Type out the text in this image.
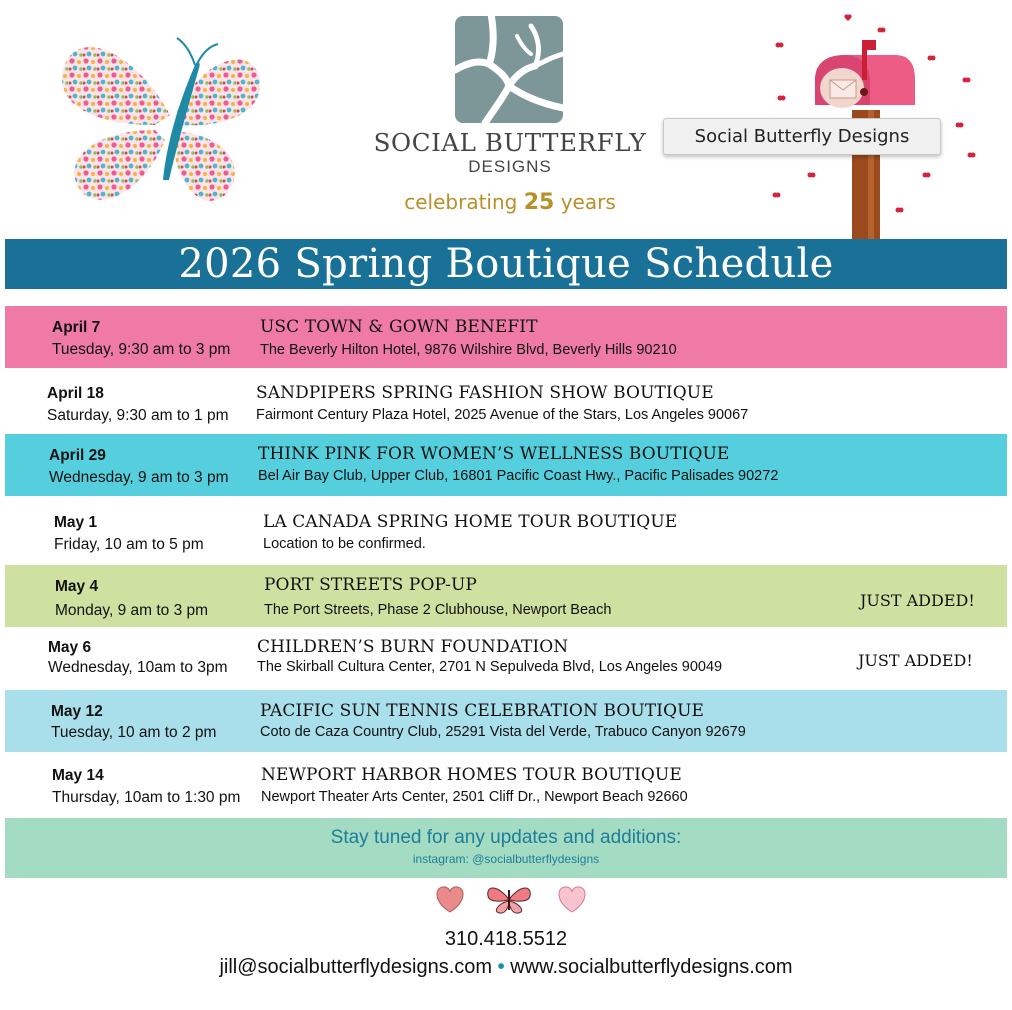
SOCIAL BUTTERFLY
DESIGNS
celebrating 25 years
Social Butterfly Designs
2026 Spring Boutique Schedule
April 7
Tuesday, 9:30 am to 3 pm
USC TOWN & GOWN BENEFIT
The Beverly Hilton Hotel, 9876 Wilshire Blvd, Beverly Hills 90210
April 18
Saturday, 9:30 am to 1 pm
SANDPIPERS SPRING FASHION SHOW BOUTIQUE
Fairmont Century Plaza Hotel, 2025 Avenue of the Stars, Los Angeles 90067
April 29
Wednesday, 9 am to 3 pm
THINK PINK FOR WOMEN’S WELLNESS BOUTIQUE
Bel Air Bay Club, Upper Club, 16801 Pacific Coast Hwy., Pacific Palisades 90272
May 1
Friday, 10 am to 5 pm
LA CANADA SPRING HOME TOUR BOUTIQUE
Location to be confirmed.
May 4
Monday, 9 am to 3 pm
PORT STREETS POP-UP
The Port Streets, Phase 2 Clubhouse, Newport Beach	JUST ADDED!
May 6
Wednesday, 10am to 3pm
CHILDREN’S BURN FOUNDATION
The Skirball Cultura Center, 2701 N Sepulveda Blvd, Los Angeles 90049	JUST ADDED!
May 12
Tuesday, 10 am to 2 pm
PACIFIC SUN TENNIS CELEBRATION BOUTIQUE
Coto de Caza Country Club, 25291 Vista del Verde, Trabuco Canyon 92679
May 14
Thursday, 10am to 1:30 pm
NEWPORT HARBOR HOMES TOUR BOUTIQUE
Newport Theater Arts Center, 2501 Cliff Dr., Newport Beach 92660
Stay tuned for any updates and additions:
instagram: @socialbutterflydesigns
310.418.5512
jill@socialbutterflydesigns.com • www.socialbutterflydesigns.com
